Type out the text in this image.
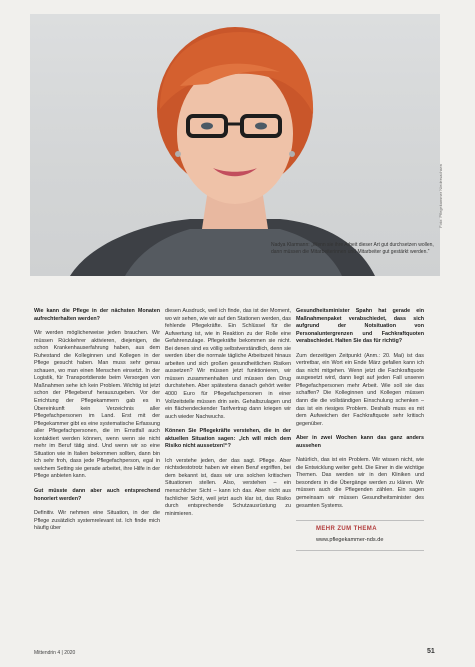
Foto: Pflegekammer Niedersachsen
Nadya Klarmann: „Wenn sie ihre Arbeit dieser Art gut durchsetzen wollen, dann müssen die Mitarbeiterinnen und Mitarbeiter gut gestärkt werden.“

Wie kann die Pflege in der nächsten Monaten aufrechterhalten werden?

Wir werden möglicherweise jeden brauchen. Wir müssen Rückkehrer aktivieren, diejenigen, die schon Krankenhauserfahrung haben, aus dem Ruhestand die Kolleginnen und Kollegen in der Pflege gesucht haben. Man muss sehr genau schauen, wo man einen Menschen einsetzt. In der Logistik, für Transportdienste beim Versorgen von Maßnahmen sehe ich kein Problem. Wichtig ist jetzt schon der Pflegeberuf herauszugeben. Vor der Errichtung der Pflegekammern gab es in Übereinkunft kein Verzeichnis aller Pflegefachpersonen im Land. Erst mit der Pflegekammer gibt es eine systematische Erfassung aller Pflegefachpersonen, die im Ernstfall auch kontaktiert werden können, wenn wenn sie nicht mehr im Beruf tätig sind. Und wenn wir so eine Situation wie in Italien bekommen sollten, dann bin ich sehr froh, dass jede Pflegefachperson, egal in welchem Setting sie gerade arbeitet, ihre Hilfe in der Pflege anbieten kann.

Gut müsste dann aber auch entsprechend honoriert werden?

Definitiv. Wir nehmen eine Situation, in der die Pflege zusätzlich systemrelevant ist. Ich finde mich häufig über

diesen Ausdruck, weil ich finde, das ist der Moment, wo wir sehen, wie wir auf den Stationen werden, das fehlende Pflegekräfte. Ein Schlüssel für die Aufwertung ist, wie in Reaktion zu der Rolle eine Gefahrenzulage. Pflegekräfte bekommen sie nicht. Bei denen sind es völlig selbstverständlich, denn sie werden über die normale tägliche Arbeitszeit hinaus arbeiten und sich großen gesundheitlichen Risiken aussetzen? Wir müssen jetzt funktionieren, wir müssen zusammenhalten und müssen den Drug durchstehen. Aber spätestens danach gehört weiter 4000 Euro für Pflegefachpersonen in einer Vollzeitstelle müssen drin sein. Gehaltszulagen und ein flächendeckender Tarifvertrag dann kriegen wir auch wieder Nachwuchs.

Können Sie Pflegekräfte verstehen, die in der aktuellen Situation sagen: „Ich will mich dem Risiko nicht aussetzen!“?

Ich verstehe jeden, der das sagt. Pflege. Aber nichtsdestotrotz haben wir einen Beruf ergriffen, bei dem bekannt ist, dass wir uns solchen kritischen Situationen stellen. Also, verstehen – ein menschlicher Sicht – kann ich das. Aber nicht aus fachlicher Sicht, weil jetzt auch klar ist, das Risiko durch entsprechende Schutzausrüstung zu minimieren.

Gesundheitsminister Spahn hat gerade ein Maßnahmenpaket verabschiedet, dass sich aufgrund der Notsituation von Personaluntergrenzen und Fachkraftquoten verabschiedet. Halten Sie das für richtig?

Zum derzeitigen Zeitpunkt (Anm.: 20. Mai) ist das vertretbar, ein Wort ein Ende März gefallen kann ich das nicht mitgehen. Wenn jetzt die Fachkraftquote ausgesetzt wird, dann liegt auf jeden Fall unseren Pflegefachpersonen mehr Arbeit. Wie soll sie das schaffen? Die Kolleginnen und Kollegen müssen dann die die vollständigen Einschulung schenken – das ist ein riesiges Problem. Deshalb muss es mit dem Aufweichen der Fachkraftquote sehr kritisch gegenüber.

Aber in zwei Wochen kann das ganz anders aussehen

Natürlich, das ist ein Problem. Wir wissen nicht, wie die Entwicklung weiter geht. Die Einer in die wichtige Themen. Das werden wir in den Kliniken und besonders in die Übergänge werden zu klären. Wir müssen auch die Pflegenden zählen. Ein sagen gemeinsam wir müssen Gesundheitsminister des gesamten Systems.

MEHR ZUM THEMA
www.pflegekammer-nds.de
Mittendrin 4 | 2020	51
